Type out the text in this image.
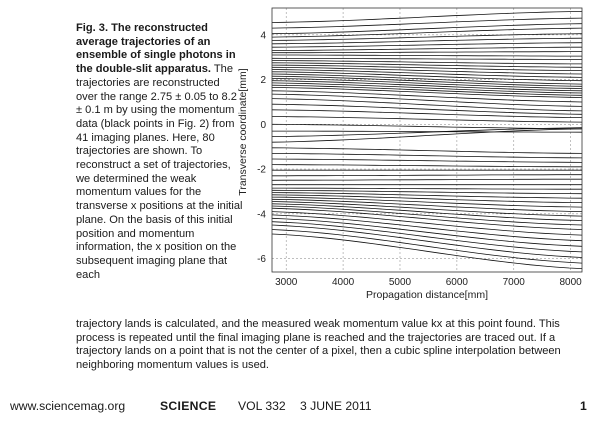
Fig. 3. The reconstructed average trajectories of an ensemble of single photons in the double-slit apparatus. The trajectories are reconstructed over the range 2.75 ± 0.05 to 8.2 ± 0.1 m by using the momentum data (black points in Fig. 2) from 41 imaging planes. Here, 80 trajectories are shown. To reconstruct a set of trajectories, we determined the weak momentum values for the transverse x positions at the initial plane. On the basis of this initial position and momentum information, the x position on the subsequent imaging plane that each

trajectory lands is calculated, and the measured weak momentum value kx at this point found. This process is repeated until the final imaging plane is reached and the trajectories are traced out. If a trajectory lands on a point that is not the center of a pixel, then a cubic spline interpolation between neighboring momentum values is used.

3000	4000	5000	6000	7000	8000
-6
-4
-2
0
2
4
Propagation distance[mm]
Transverse coordinate[mm]
www.sciencemag.org	SCIENCE VOL 332 3 JUNE 2011	1
